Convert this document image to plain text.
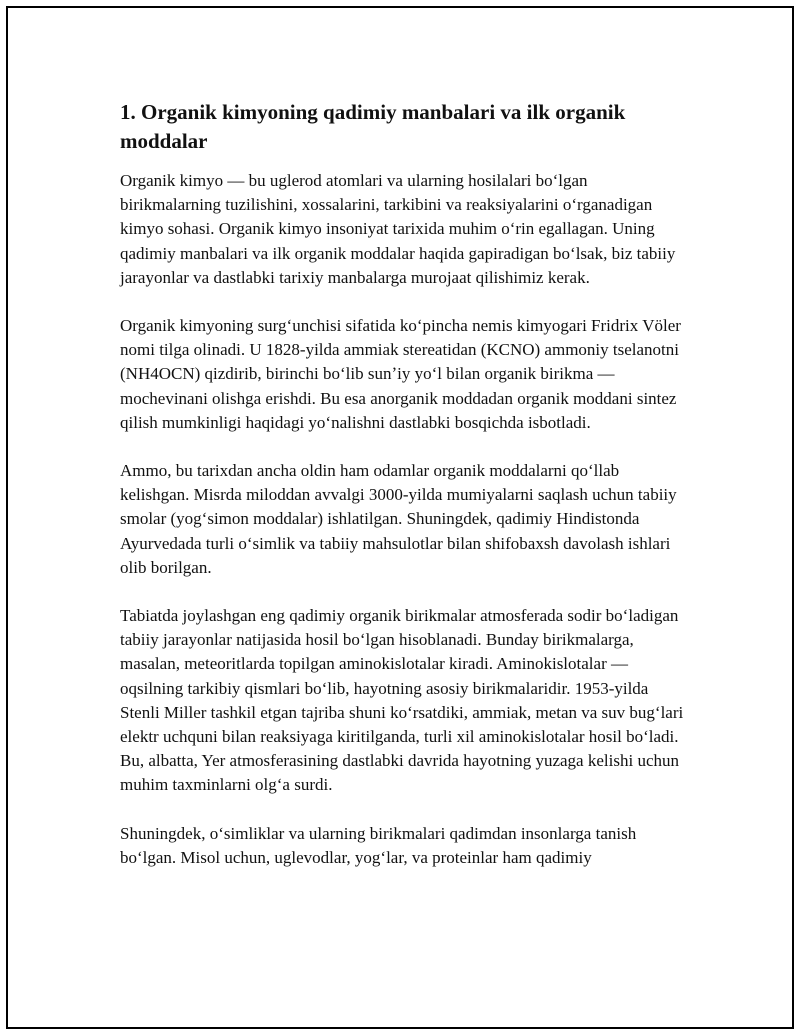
1. Organik kimyoning qadimiy manbalari va ilk organik moddalar

Organik kimyo — bu uglerod atomlari va ularning hosilalari boʻlgan birikmalarning tuzilishini, xossalarini, tarkibini va reaksiyalarini oʻrganadigan kimyo sohasi. Organik kimyo insoniyat tarixida muhim oʻrin egallagan. Uning qadimiy manbalari va ilk organik moddalar haqida gapiradigan boʻlsak, biz tabiiy jarayonlar va dastlabki tarixiy manbalarga murojaat qilishimiz kerak.

Organik kimyoning surgʻunchisi sifatida koʻpincha nemis kimyogari Fridrix Völer nomi tilga olinadi. U 1828-yilda ammiak stereatidan (KCNO) ammoniy tselanotni (NH4OCN) qizdirib, birinchi boʻlib sunʼiy yoʻl bilan organik birikma — mochevinani olishga erishdi. Bu esa anorganik moddadan organik moddani sintez qilish mumkinligi haqidagi yoʻnalishni dastlabki bosqichda isbotladi.

Ammo, bu tarixdan ancha oldin ham odamlar organik moddalarni qoʻllab kelishgan. Misrda miloddan avvalgi 3000-yilda mumiyalarni saqlash uchun tabiiy smolar (yogʻsimon moddalar) ishlatilgan. Shuningdek, qadimiy Hindistonda Ayurvedada turli oʻsimlik va tabiiy mahsulotlar bilan shifobaxsh davolash ishlari olib borilgan.

Tabiatda joylashgan eng qadimiy organik birikmalar atmosferada sodir boʻladigan tabiiy jarayonlar natijasida hosil boʻlgan hisoblanadi. Bunday birikmalarga, masalan, meteoritlarda topilgan aminokislotalar kiradi. Aminokislotalar — oqsilning tarkibiy qismlari boʻlib, hayotning asosiy birikmalaridir. 1953-yilda Stenli Miller tashkil etgan tajriba shuni koʻrsatdiki, ammiak, metan va suv bugʻlari elektr uchquni bilan reaksiyaga kiritilganda, turli xil aminokislotalar hosil boʻladi. Bu, albatta, Yer atmosferasining dastlabki davrida hayotning yuzaga kelishi uchun muhim taxminlarni olgʻa surdi.

Shuningdek, oʻsimliklar va ularning birikmalari qadimdan insonlarga tanish boʻlgan. Misol uchun, uglevodlar, yogʻlar, va proteinlar ham qadimiy
